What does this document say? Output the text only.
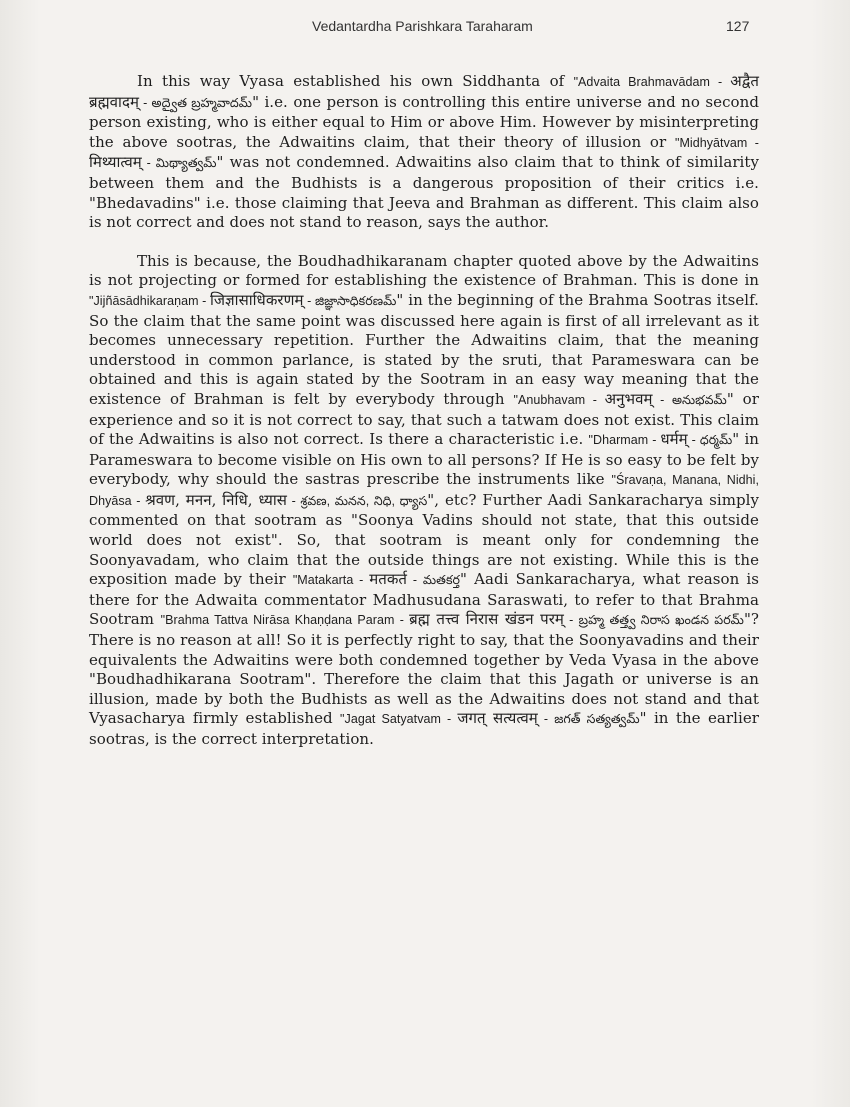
Vedantardha Parishkara Taraharam	127

In this way Vyasa established his own Siddhanta of "Advaita Brahmavādam - अद्वैत ब्रह्मवादम् - అద్వైత బ్రహ్మవాదమ్" i.e. one person is controlling this entire universe and no second person existing, who is either equal to Him or above Him. However by misinterpreting the above sootras, the Adwaitins claim, that their theory of illusion or "Midhyātvam - मिथ्यात्वम् - మిథ్యాత్వమ్" was not condemned. Adwaitins also claim that to think of similarity between them and the Budhists is a dangerous proposition of their critics i.e. "Bhedavadins" i.e. those claiming that Jeeva and Brahman as different. This claim also is not correct and does not stand to reason, says the author.

This is because, the Boudhadhikaranam chapter quoted above by the Adwaitins is not projecting or formed for establishing the existence of Brahman. This is done in "Jijñāsādhikaraṇam - जिज्ञासाधिकरणम् - జిజ్ఞాసాధికరణమ్" in the beginning of the Brahma Sootras itself. So the claim that the same point was discussed here again is first of all irrelevant as it becomes unnecessary repetition. Further the Adwaitins claim, that the meaning understood in common parlance, is stated by the sruti, that Parameswara can be obtained and this is again stated by the Sootram in an easy way meaning that the existence of Brahman is felt by everybody through "Anubhavam - अनुभवम् - అనుభవమ్" or experience and so it is not correct to say, that such a tatwam does not exist. This claim of the Adwaitins is also not correct. Is there a characteristic i.e. "Dharmam - धर्मम् - ధర్మమ్" in Parameswara to become visible on His own to all persons? If He is so easy to be felt by everybody, why should the sastras prescribe the instruments like "Śravaṇa, Manana, Nidhi, Dhyāsa - श्रवण, मनन, निधि, ध्यास - శ్రవణ, మనన, నిధి, ధ్యాస", etc? Further Aadi Sankaracharya simply commented on that sootram as "Soonya Vadins should not state, that this outside world does not exist". So, that sootram is meant only for condemning the Soonyavadam, who claim that the outside things are not existing. While this is the exposition made by their "Matakarta - मतकर्त - మతకర్త" Aadi Sankaracharya, what reason is there for the Adwaita commentator Madhusudana Saraswati, to refer to that Brahma Sootram "Brahma Tattva Nirāsa Khaṇḍana Param - ब्रह्म तत्त्व निरास खंडन परम् - బ్రహ్మ తత్త్వ నిరాస ఖండన పరమ్"? There is no reason at all! So it is perfectly right to say, that the Soonyavadins and their equivalents the Adwaitins were both condemned together by Veda Vyasa in the above "Boudhadhikarana Sootram". Therefore the claim that this Jagath or universe is an illusion, made by both the Budhists as well as the Adwaitins does not stand and that Vyasacharya firmly established "Jagat Satyatvam - जगत् सत्यत्वम् - జగత్ సత్యత్వమ్" in the earlier sootras, is the correct interpretation.
